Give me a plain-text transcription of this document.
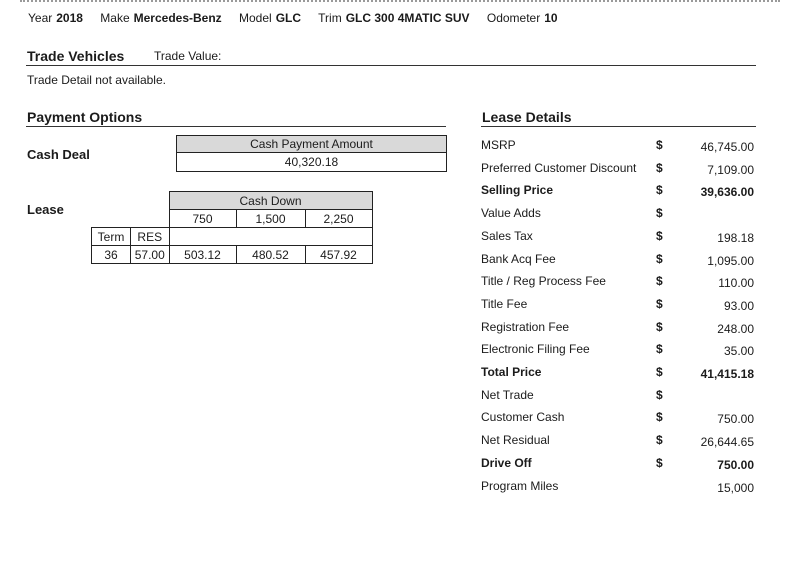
Year 2018 Make Mercedes-Benz Model GLC Trim GLC 300 4MATIC SUV Odometer 10
Trade Vehicles Trade Value:
Trade Detail not available.
Payment Options
Cash Deal
Cash Payment Amount
40,320.18
Lease
		Cash Down		
		750	1,500	2,250
Term	RES			
36	57.00	503.12	480.52	457.92
Lease Details
MSRP	$	46,745.00
Preferred Customer Discount $	7,109.00
Selling Price	$	39,636.00
Value Adds	$
Sales Tax	$	198.18
Bank Acq Fee	$	1,095.00
Title / Reg Process Fee	$	110.00
Title Fee	$	93.00
Registration Fee	$	248.00
Electronic Filing Fee	$	35.00
Total Price	$	41,415.18
Net Trade	$
Customer Cash	$	750.00
Net Residual	$	26,644.65
Drive Off	$	750.00
Program Miles	15,000
